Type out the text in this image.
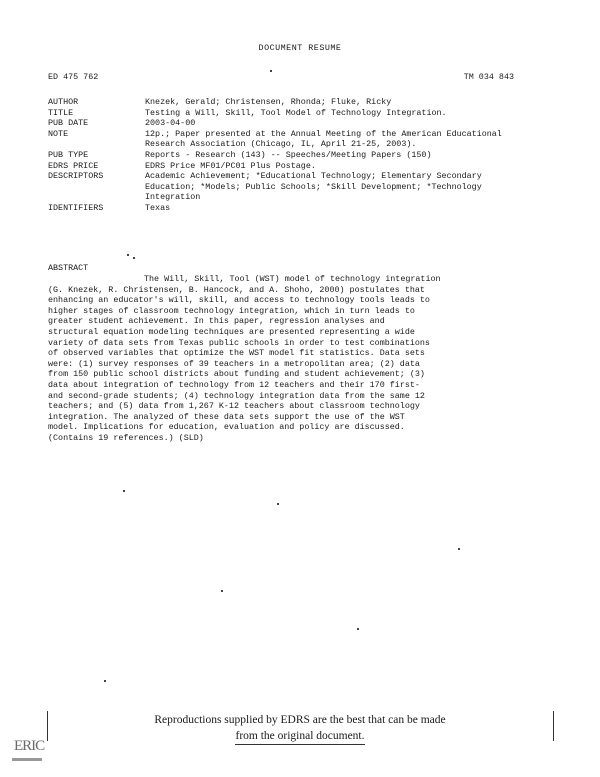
DOCUMENT RESUME
ED 475 762	TM 034 843
AUTHOR	Knezek, Gerald; Christensen, Rhonda; Fluke, Ricky
TITLE	Testing a Will, Skill, Tool Model of Technology Integration.
PUB DATE	2003-04-00
NOTE	12p.; Paper presented at the Annual Meeting of the American Educational Research Association (Chicago, IL, April 21-25, 2003).
PUB TYPE	Reports - Research (143) -- Speeches/Meeting Papers (150)
EDRS PRICE	EDRS Price MF01/PC01 Plus Postage.
DESCRIPTORS	Academic Achievement; *Educational Technology; Elementary Secondary Education; *Models; Public Schools; *Skill Development; *Technology Integration
IDENTIFIERS	Texas
ABSTRACT

The Will, Skill, Tool (WST) model of technology integration

(G. Knezek, R. Christensen, B. Hancock, and A. Shoho, 2000) postulates that

enhancing an educator's will, skill, and access to technology tools leads to

higher stages of classroom technology integration, which in turn leads to

greater student achievement. In this paper, regression analyses and

structural equation modeling techniques are presented representing a wide

variety of data sets from Texas public schools in order to test combinations

of observed variables that optimize the WST model fit statistics. Data sets

were: (1) survey responses of 39 teachers in a metropolitan area; (2) data

from 150 public school districts about funding and student achievement; (3)

data about integration of technology from 12 teachers and their 170 first-

and second-grade students; (4) technology integration data from the same 12

teachers; and (5) data from 1,267 K-12 teachers about classroom technology

integration. The analyzed of these data sets support the use of the WST

model. Implications for education, evaluation and policy are discussed.

(Contains 19 references.) (SLD)

Reproductions supplied by EDRS are the best that can be made
from the original document.
ERIC
